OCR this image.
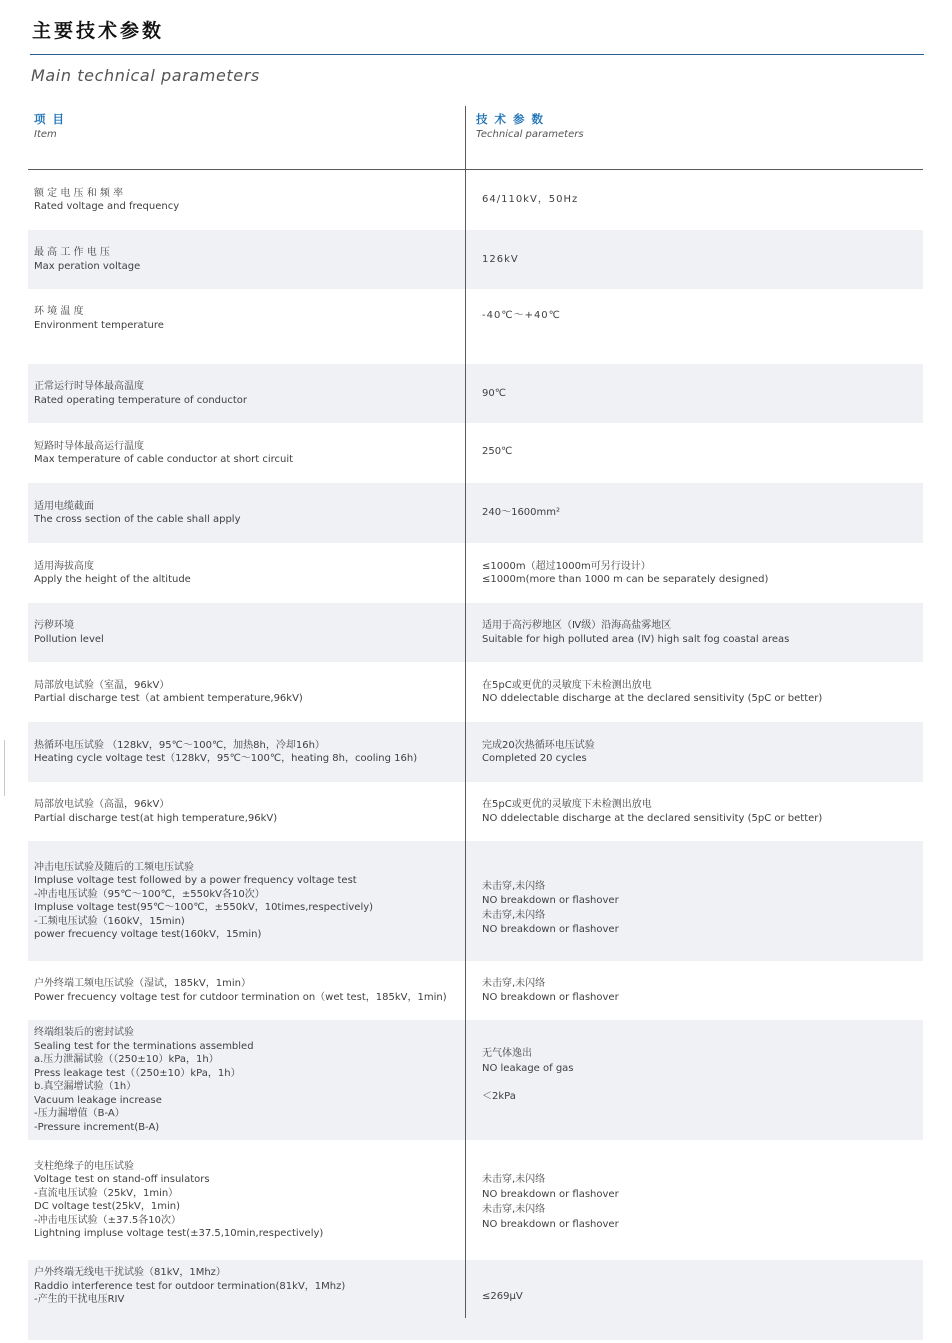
主要技术参数
Main technical parameters
项 目
Item
技 术 参 数
Technical parameters
额 定 电 压 和 频 率
Rated voltage and frequency
64/110kV，50Hz
最 高 工 作 电 压
Max peration voltage
126kV
环 境 温 度
Environment temperature
-40℃～+40℃
正常运行时导体最高温度
Rated operating temperature of conductor
90℃
短路时导体最高运行温度
Max temperature of cable conductor at short circuit
250℃
适用电缆截面
The cross section of the cable shall apply
240～1600mm²
适用海拔高度
Apply the height of the altitude
≤1000m（超过1000m可另行设计）
≤1000m(more than 1000 m can be separately designed)
污秽环境
Pollution level
适用于高污秽地区（Ⅳ级）沿海高盐雾地区
Suitable for high polluted area (Ⅳ) high salt fog coastal areas
局部放电试验（室温，96kV）
Partial discharge test（at ambient temperature,96kV)
在5pC或更优的灵敏度下未检测出放电
NO ddelectable discharge at the declared sensitivity (5pC or better)
热循环电压试验 （128kV，95℃～100℃，加热8h，冷却16h）
Heating cycle voltage test（128kV，95℃～100℃，heating 8h，cooling 16h)
完成20次热循环电压试验
Completed 20 cycles
局部放电试验（高温，96kV）
Partial discharge test(at high temperature,96kV)
在5pC或更优的灵敏度下未检测出放电
NO ddelectable discharge at the declared sensitivity (5pC or better)
冲击电压试验及随后的工频电压试验
Impluse voltage test followed by a power frequency voltage test
-冲击电压试验（95℃～100℃，±550kV各10次）
Impluse voltage test(95℃～100℃，±550kV，10times,respectively)
-工频电压试验（160kV，15min)
power frecuency voltage test(160kV，15min)
未击穿,未闪络
NO breakdown or flashover
未击穿,未闪络
NO breakdown or flashover
户外终端工频电压试验（湿试，185kV，1min）
Power frecuency voltage test for cutdoor termination on（wet test，185kV，1min)
未击穿,未闪络
NO breakdown or flashover
终端组装后的密封试验
Sealing test for the terminations assembled
a.压力泄漏试验（（250±10）kPa，1h）
Press leakage test（（250±10）kPa，1h）
b.真空漏增试验（1h）
Vacuum leakage increase
-压力漏增值（B-A）
-Pressure increment(B-A)
无气体逸出
NO leakage of gas
＜2kPa
支柱绝缘子的电压试验
Voltage test on stand-off insulators
-直流电压试验（25kV，1min）
DC voltage test(25kV，1min)
-冲击电压试验（±37.5各10次）
Lightning impluse voltage test(±37.5,10min,respectively)
未击穿,未闪络
NO breakdown or flashover
未击穿,未闪络
NO breakdown or flashover
户外终端无线电干扰试验（81kV，1Mhz）
Raddio interference test for outdoor termination(81kV，1Mhz)
-产生的干扰电压RIV	≤269μV
